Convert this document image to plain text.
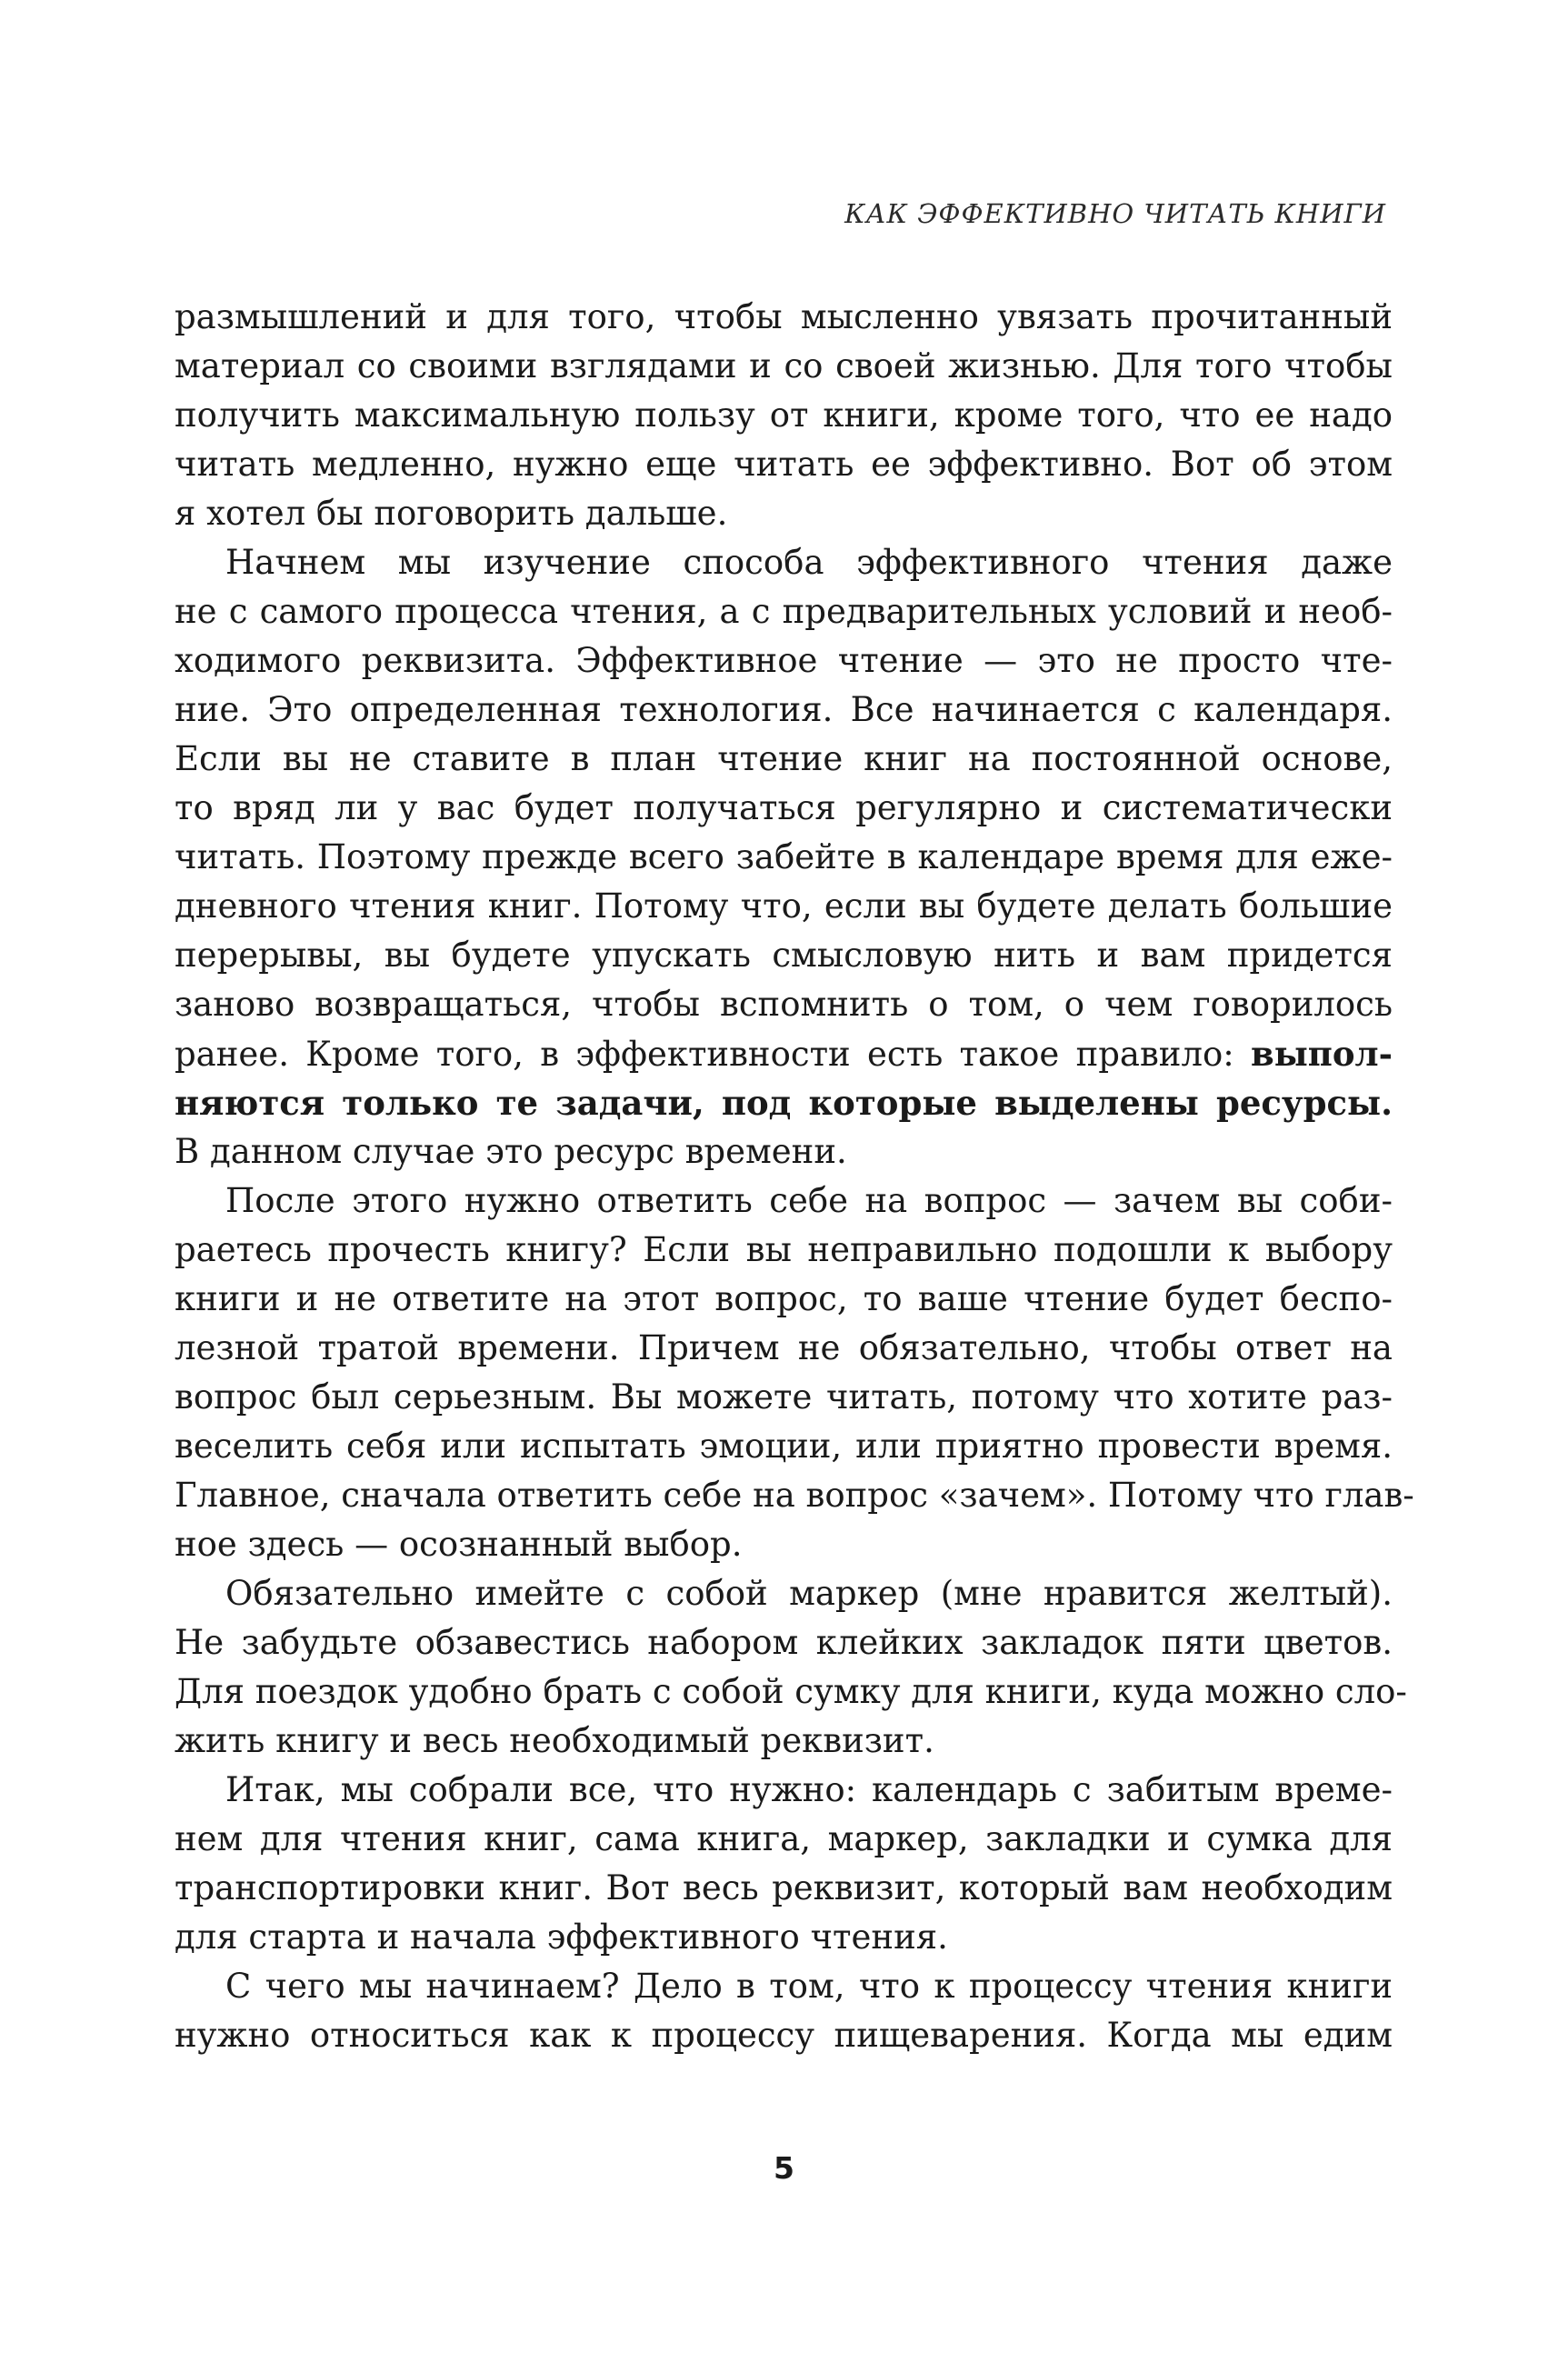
КАК ЭФФЕКТИВНО ЧИТАТЬ КНИГИ
размышлений и для того, чтобы мысленно увязать прочитанный
материал со своими взглядами и со своей жизнью. Для того чтобы
получить максимальную пользу от книги, кроме того, что ее надо
читать медленно, нужно еще читать ее эффективно. Вот об этом
я хотел бы поговорить дальше.
Начнем мы изучение способа эффективного чтения даже
не с самого процесса чтения, а с предварительных условий и необ-
ходимого реквизита. Эффективное чтение — это не просто чте-
ние. Это определенная технология. Все начинается с календаря.
Если вы не ставите в план чтение книг на постоянной основе,
то вряд ли у вас будет получаться регулярно и систематически
читать. Поэтому прежде всего забейте в календаре время для еже-
дневного чтения книг. Потому что, если вы будете делать большие
перерывы, вы будете упускать смысловую нить и вам придется
заново возвращаться, чтобы вспомнить о том, о чем говорилось
ранее. Кроме того, в эффективности есть такое правило: выпол-
няются только те задачи, под которые выделены ресурсы.
В данном случае это ресурс времени.
После этого нужно ответить себе на вопрос — зачем вы соби-
раетесь прочесть книгу? Если вы неправильно подошли к выбору
книги и не ответите на этот вопрос, то ваше чтение будет беспо-
лезной тратой времени. Причем не обязательно, чтобы ответ на
вопрос был серьезным. Вы можете читать, потому что хотите раз-
веселить себя или испытать эмоции, или приятно провести время.
Главное, сначала ответить себе на вопрос «зачем». Потому что глав-
ное здесь — осознанный выбор.
Обязательно имейте с собой маркер (мне нравится желтый).
Не забудьте обзавестись набором клейких закладок пяти цветов.
Для поездок удобно брать с собой сумку для книги, куда можно сло-
жить книгу и весь необходимый реквизит.
Итак, мы собрали все, что нужно: календарь с забитым време-
нем для чтения книг, сама книга, маркер, закладки и сумка для
транспортировки книг. Вот весь реквизит, который вам необходим
для старта и начала эффективного чтения.
С чего мы начинаем? Дело в том, что к процессу чтения книги
нужно относиться как к процессу пищеварения. Когда мы едим
5
